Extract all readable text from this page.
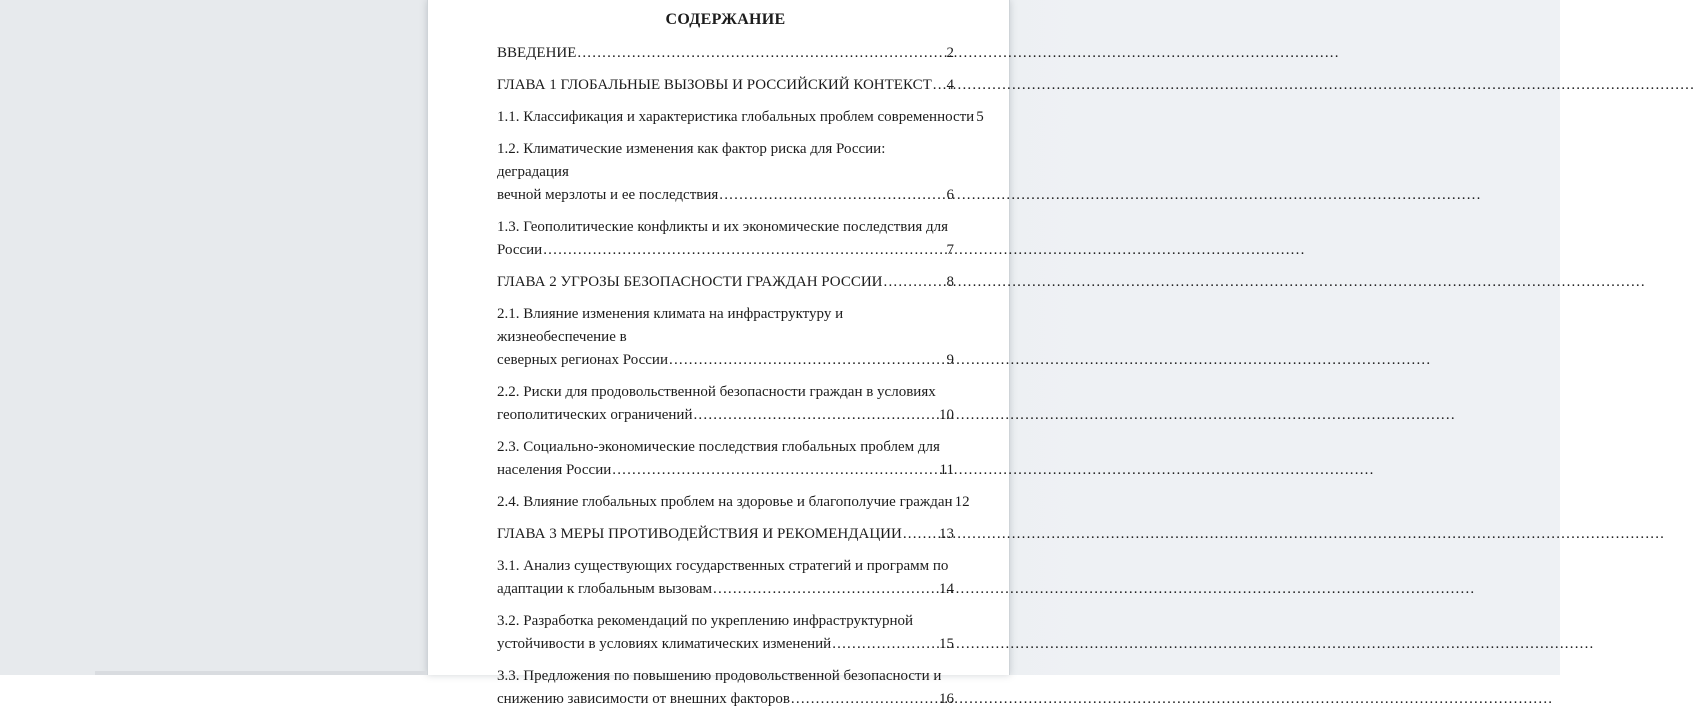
СОДЕРЖАНИЕ
ВВЕДЕНИЕ .....	2
ГЛАВА 1 ГЛОБАЛЬНЫЕ ВЫЗОВЫ И РОССИЙСКИЙ КОНТЕКСТ ..... 4
1.1. Классификация и характеристика глобальных проблем современности 5
1.2. Климатические изменения как фактор риска для России: деградация
вечной мерзлоты и ее последствия .....	6
1.3. Геополитические конфликты и их экономические последствия для
России .....	7
ГЛАВА 2 УГРОЗЫ БЕЗОПАСНОСТИ ГРАЖДАН РОССИИ .....	8
2.1. Влияние изменения климата на инфраструктуру и жизнеобеспечение в
северных регионах России .....	9
2.2. Риски для продовольственной безопасности граждан в условиях
геополитических ограничений .....	10
2.3. Социально-экономические последствия глобальных проблем для
населения России .....	11
2.4. Влияние глобальных проблем на здоровье и благополучие граждан 12
ГЛАВА 3 МЕРЫ ПРОТИВОДЕЙСТВИЯ И РЕКОМЕНДАЦИИ ..... 13
3.1. Анализ существующих государственных стратегий и программ по
адаптации к глобальным вызовам .....	14
3.2. Разработка рекомендаций по укреплению инфраструктурной
устойчивости в условиях климатических изменений .....	15
3.3. Предложения по повышению продовольственной безопасности и
снижению зависимости от внешних факторов .....	16
